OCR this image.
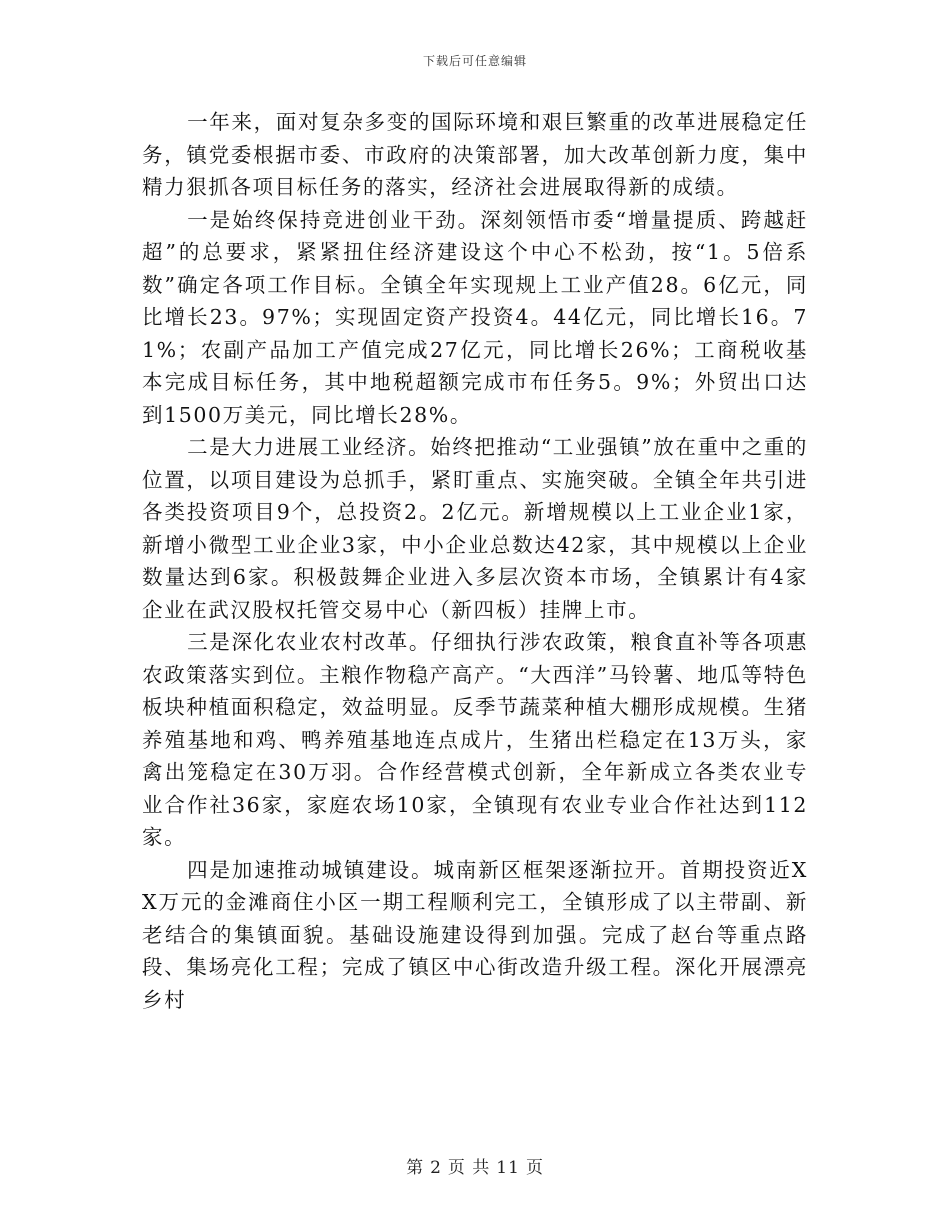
下载后可任意编辑

一年来，面对复杂多变的国际环境和艰巨繁重的改革进展稳定任务，镇党委根据市委、市政府的决策部署，加大改革创新力度，集中精力狠抓各项目标任务的落实，经济社会进展取得新的成绩。

一是始终保持竞进创业干劲。深刻领悟市委“增量提质、跨越赶超”的总要求，紧紧扭住经济建设这个中心不松劲，按“1。5倍系数”确定各项工作目标。全镇全年实现规上工业产值28。6亿元，同比增长23。97%；实现固定资产投资4。44亿元，同比增长16。71%；农副产品加工产值完成27亿元，同比增长26%；工商税收基本完成目标任务，其中地税超额完成市布任务5。9%；外贸出口达到1500万美元，同比增长28%。

二是大力进展工业经济。始终把推动“工业强镇”放在重中之重的位置，以项目建设为总抓手，紧盯重点、实施突破。全镇全年共引进各类投资项目9个，总投资2。2亿元。新增规模以上工业企业1家，新增小微型工业企业3家，中小企业总数达42家，其中规模以上企业数量达到6家。积极鼓舞企业进入多层次资本市场，全镇累计有4家企业在武汉股权托管交易中心（新四板）挂牌上市。

三是深化农业农村改革。仔细执行涉农政策，粮食直补等各项惠农政策落实到位。主粮作物稳产高产。“大西洋”马铃薯、地瓜等特色板块种植面积稳定，效益明显。反季节蔬菜种植大棚形成规模。生猪养殖基地和鸡、鸭养殖基地连点成片，生猪出栏稳定在13万头，家禽出笼稳定在30万羽。合作经营模式创新，全年新成立各类农业专业合作社36家，家庭农场10家，全镇现有农业专业合作社达到112家。

四是加速推动城镇建设。城南新区框架逐渐拉开。首期投资近XX万元的金滩商住小区一期工程顺利完工，全镇形成了以主带副、新老结合的集镇面貌。基础设施建设得到加强。完成了赵台等重点路段、集场亮化工程；完成了镇区中心街改造升级工程。深化开展漂亮乡村

第 2 页 共 11 页
